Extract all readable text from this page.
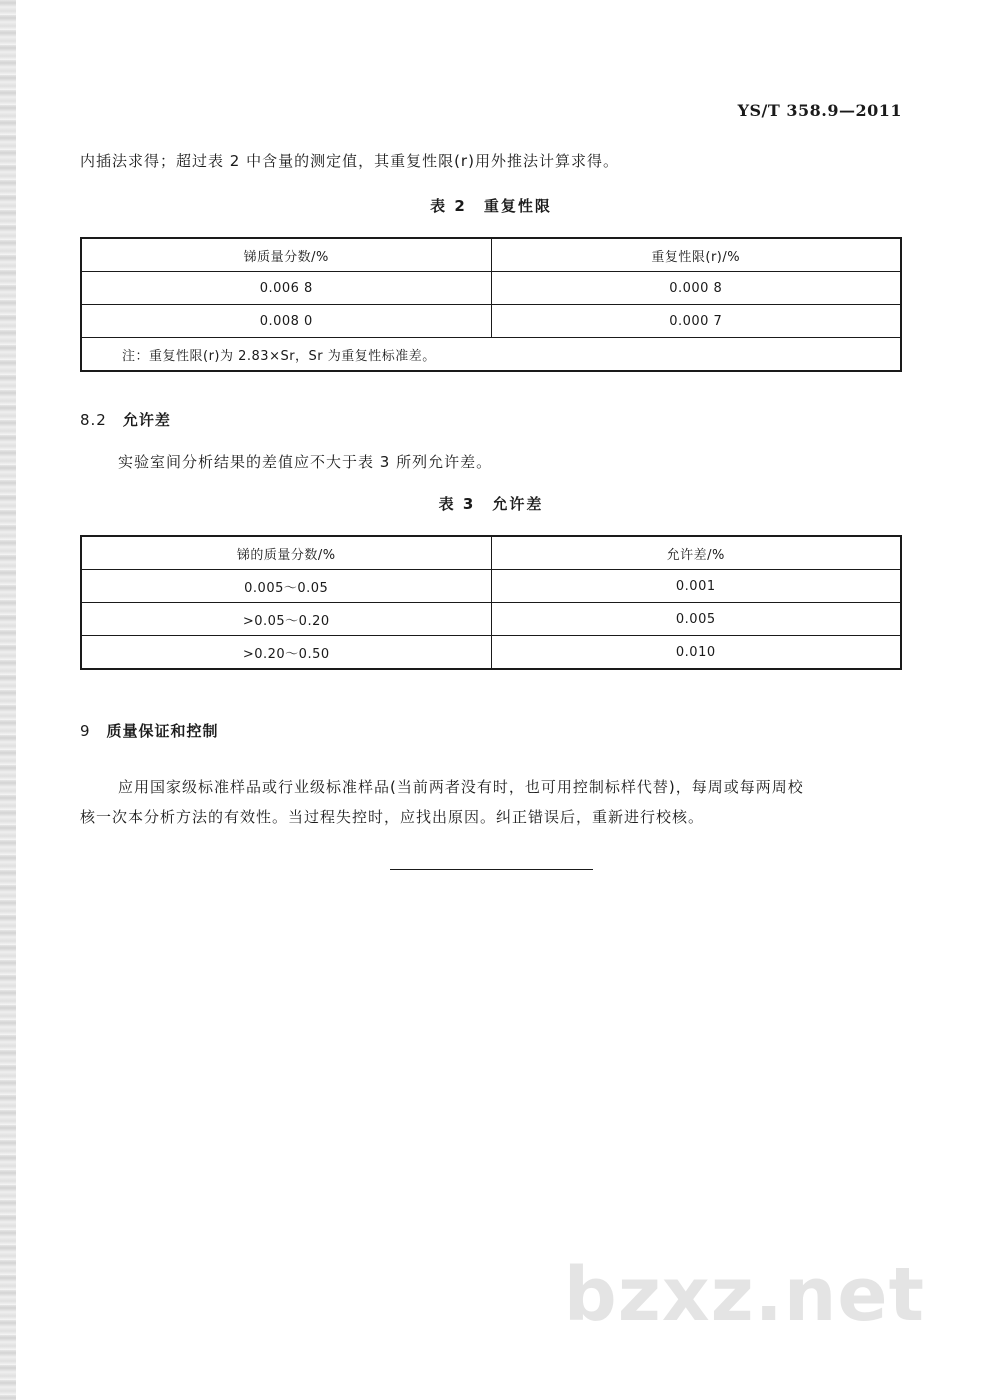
YS/T 358.9—2011
内插法求得；超过表 2 中含量的测定值，其重复性限(r)用外推法计算求得。
表 2　重复性限
锑质量分数/%	重复性限(r)/%
0.006 8	0.000 8
0.008 0	0.000 7
注：重复性限(r)为 2.83×Sr，Sr 为重复性标准差。	
8.2 允许差
实验室间分析结果的差值应不大于表 3 所列允许差。
表 3　允许差
锑的质量分数/%	允许差/%
0.005～0.05	0.001
>0.05～0.20	0.005
>0.20～0.50	0.010
9 质量保证和控制
应用国家级标准样品或行业级标准样品(当前两者没有时，也可用控制标样代替)，每周或每两周校
核一次本分析方法的有效性。当过程失控时，应找出原因。纠正错误后，重新进行校核。
bzxz.net
